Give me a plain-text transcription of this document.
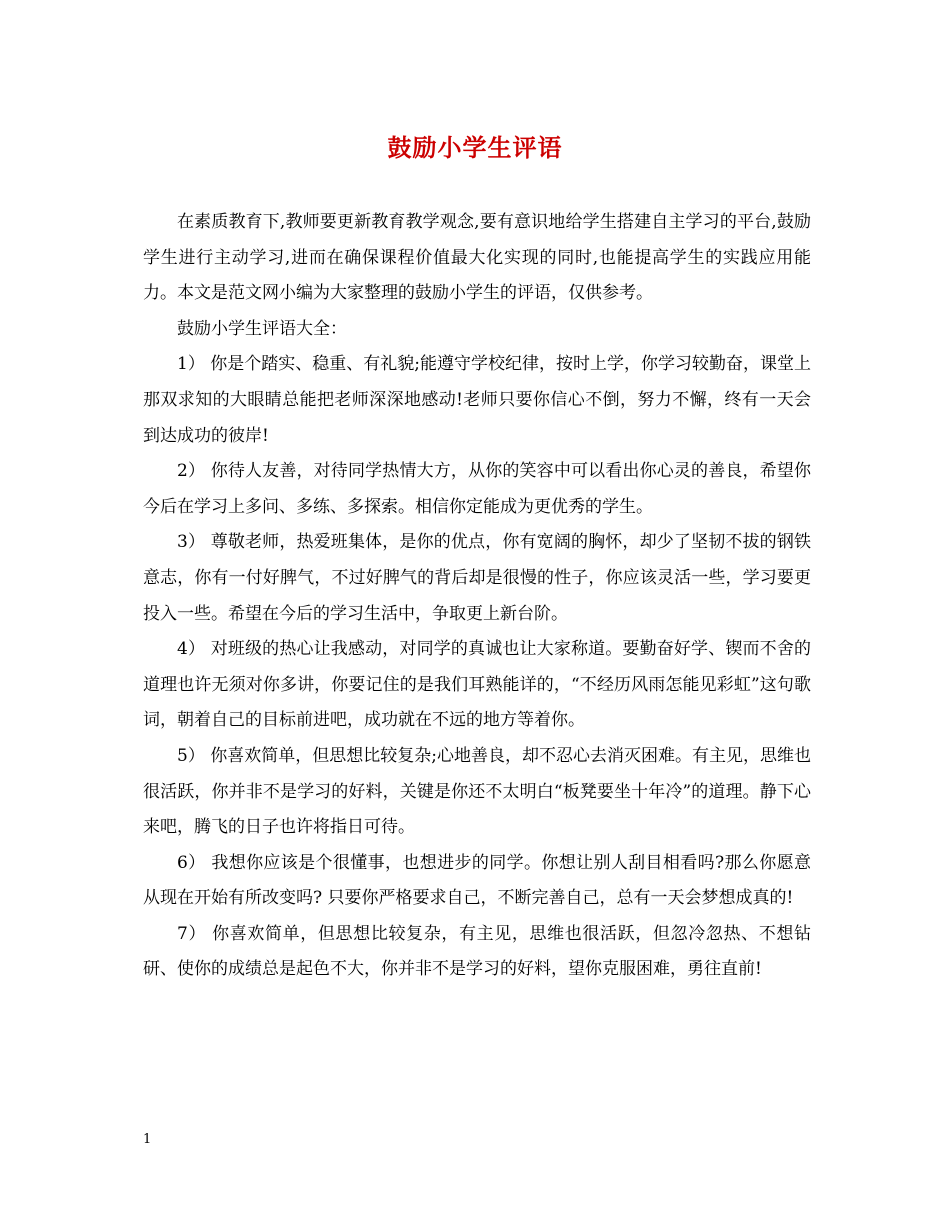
鼓励小学生评语

在素质教育下,教师要更新教育教学观念,要有意识地给学生搭建自主学习的平台,鼓励学生进行主动学习,进而在确保课程价值最大化实现的同时,也能提高学生的实践应用能力。本文是范文网小编为大家整理的鼓励小学生的评语，仅供参考。

鼓励小学生评语大全：

1） 你是个踏实、稳重、有礼貌;能遵守学校纪律，按时上学，你学习较勤奋，课堂上那双求知的大眼睛总能把老师深深地感动!老师只要你信心不倒，努力不懈，终有一天会到达成功的彼岸!

2） 你待人友善，对待同学热情大方，从你的笑容中可以看出你心灵的善良，希望你今后在学习上多问、多练、多探索。相信你定能成为更优秀的学生。

3） 尊敬老师，热爱班集体，是你的优点，你有宽阔的胸怀，却少了坚韧不拔的钢铁意志，你有一付好脾气，不过好脾气的背后却是很慢的性子，你应该灵活一些，学习要更投入一些。希望在今后的学习生活中，争取更上新台阶。

4） 对班级的热心让我感动，对同学的真诚也让大家称道。要勤奋好学、锲而不舍的道理也许无须对你多讲，你要记住的是我们耳熟能详的，“不经历风雨怎能见彩虹”这句歌词，朝着自己的目标前进吧，成功就在不远的地方等着你。

5） 你喜欢简单，但思想比较复杂;心地善良，却不忍心去消灭困难。有主见，思维也很活跃，你并非不是学习的好料，关键是你还不太明白“板凳要坐十年冷”的道理。静下心来吧，腾飞的日子也许将指日可待。

6） 我想你应该是个很懂事，也想进步的同学。你想让别人刮目相看吗?那么你愿意从现在开始有所改变吗? 只要你严格要求自己，不断完善自己，总有一天会梦想成真的!

7） 你喜欢简单，但思想比较复杂，有主见，思维也很活跃，但忽冷忽热、不想钻研、使你的成绩总是起色不大，你并非不是学习的好料，望你克服困难，勇往直前!

1
